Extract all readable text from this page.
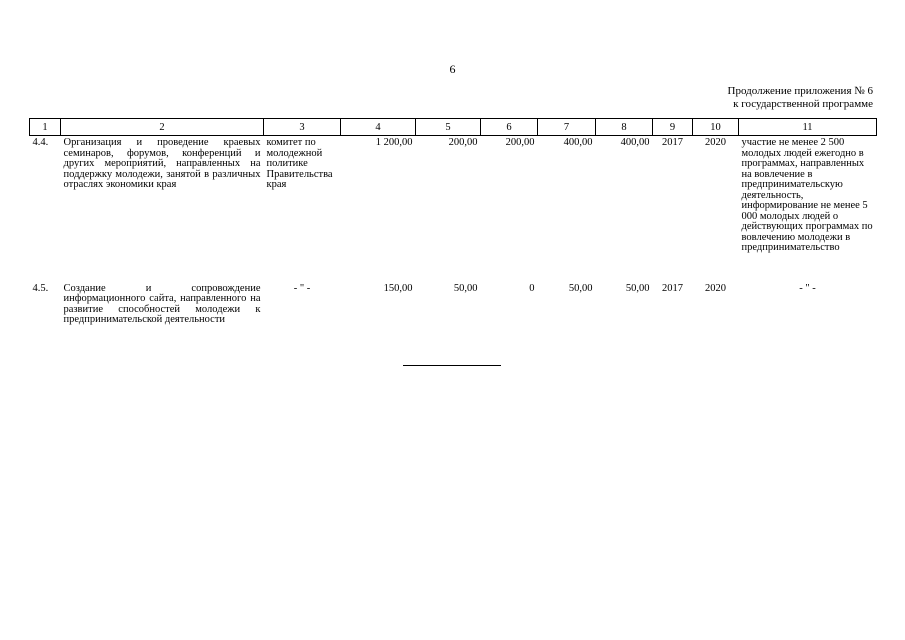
6
Продолжение приложения № 6
к государственной программе
1	2	3	4	5	6	7	8	9	10	11
4.4.	Организация и проведение краевых семинаров, форумов, конференций и других мероприятий, направленных на поддержку молодежи, занятой в различных отраслях экономики края	комитет по молодежной политике Правительства края	1 200,00	200,00	200,00	400,00	400,00	2017	2020	участие не менее 2 500 молодых людей ежегодно в программах, направленных на вовлечение в предпринимательскую деятельность, информирование не менее 5 000 молодых людей о действующих программах по вовлечению молодежи в предпринимательство
4.5.	Создание и сопровождение информационного сайта, направленного на развитие способностей молодежи к предпринимательской деятельности	- " -	150,00	50,00	0	50,00	50,00	2017	2020	- " -
